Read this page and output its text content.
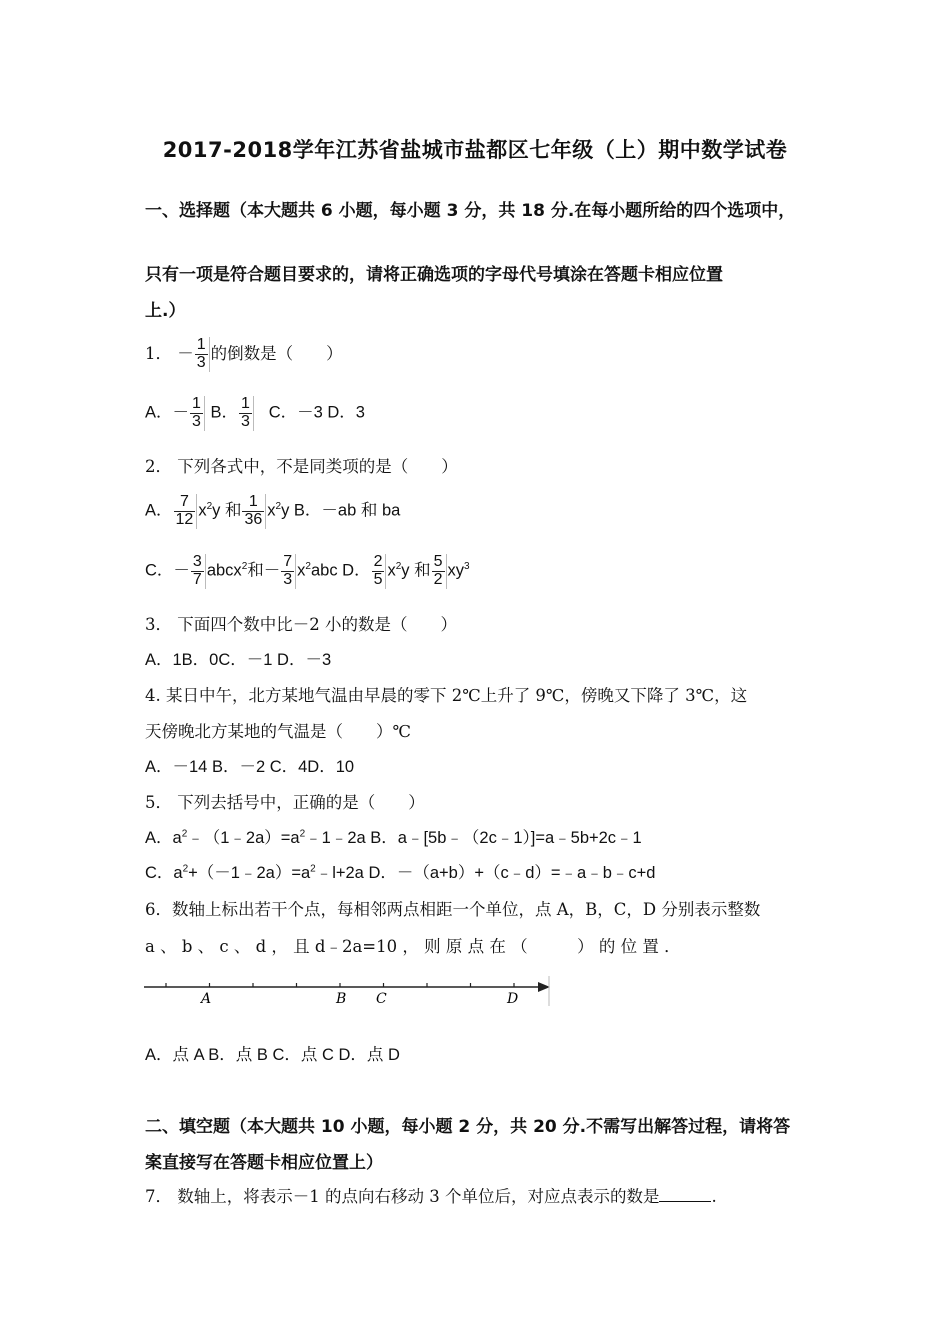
2017-2018学年江苏省盐城市盐都区七年级（上）期中数学试卷
一、选择题（本大题共 6 小题，每小题 3 分，共 18 分.在每小题所给的四个选项中，
只有一项是符合题目要求的，请将正确选项的字母代号填涂在答题卡相应位置
上.）
1． － $\frac{1}{3}$ 的倒数是（　　）
A．－ $\frac{1}{3}$ B． $\frac{1}{3}$ C．－3 D．3
2． 下列各式中，不是同类项的是（　　）
A． $\frac{7}{12} x^2y$ 和 $\frac{1}{36} x^2y$ B．－ab 和 ba
C．－ $\frac{3}{7}$ abcx$^2$和－ $\frac{7}{3} x^2abc$ D． $\frac{2}{5} x^2y$ 和 $\frac{5}{2} xy^3$
3． 下面四个数中比－2 小的数是（　　）
A．1B．0C．－1 D．－3
4. 某日中午，北方某地气温由早晨的零下 2℃上升了 9℃，傍晚又下降了 3℃，这
天傍晚北方某地的气温是（　　）℃
A．－14 B．－2 C．4D．10
5． 下列去括号中，正确的是（　　）
A．$a^2﹣(1﹣2a)=a^2﹣1﹣2a$ B．a﹣[5b﹣（2c﹣1）]=a﹣5b+2c﹣1
C．$a^2+(-1﹣2a)=a^2﹣l+2a$ D．－（a+b）+（c﹣d）=﹣a﹣b﹣c+d
6．数轴上标出若干个点，每相邻两点相距一个单位，点 A，B，C，D 分别表示整数
a 、 b 、 c 、 d ， 且 d﹣2a=10 ， 则 原 点 在 （　　　） 的 位 置 ．
A	B C	D
A．点 A B．点 B C．点 C D．点 D
二、填空题（本大题共 10 小题，每小题 2 分，共 20 分.不需写出解答过程，请将答
案直接写在答题卡相应位置上）
7． 数轴上，将表示－1 的点向右移动 3 个单位后，对应点表示的数是	.
